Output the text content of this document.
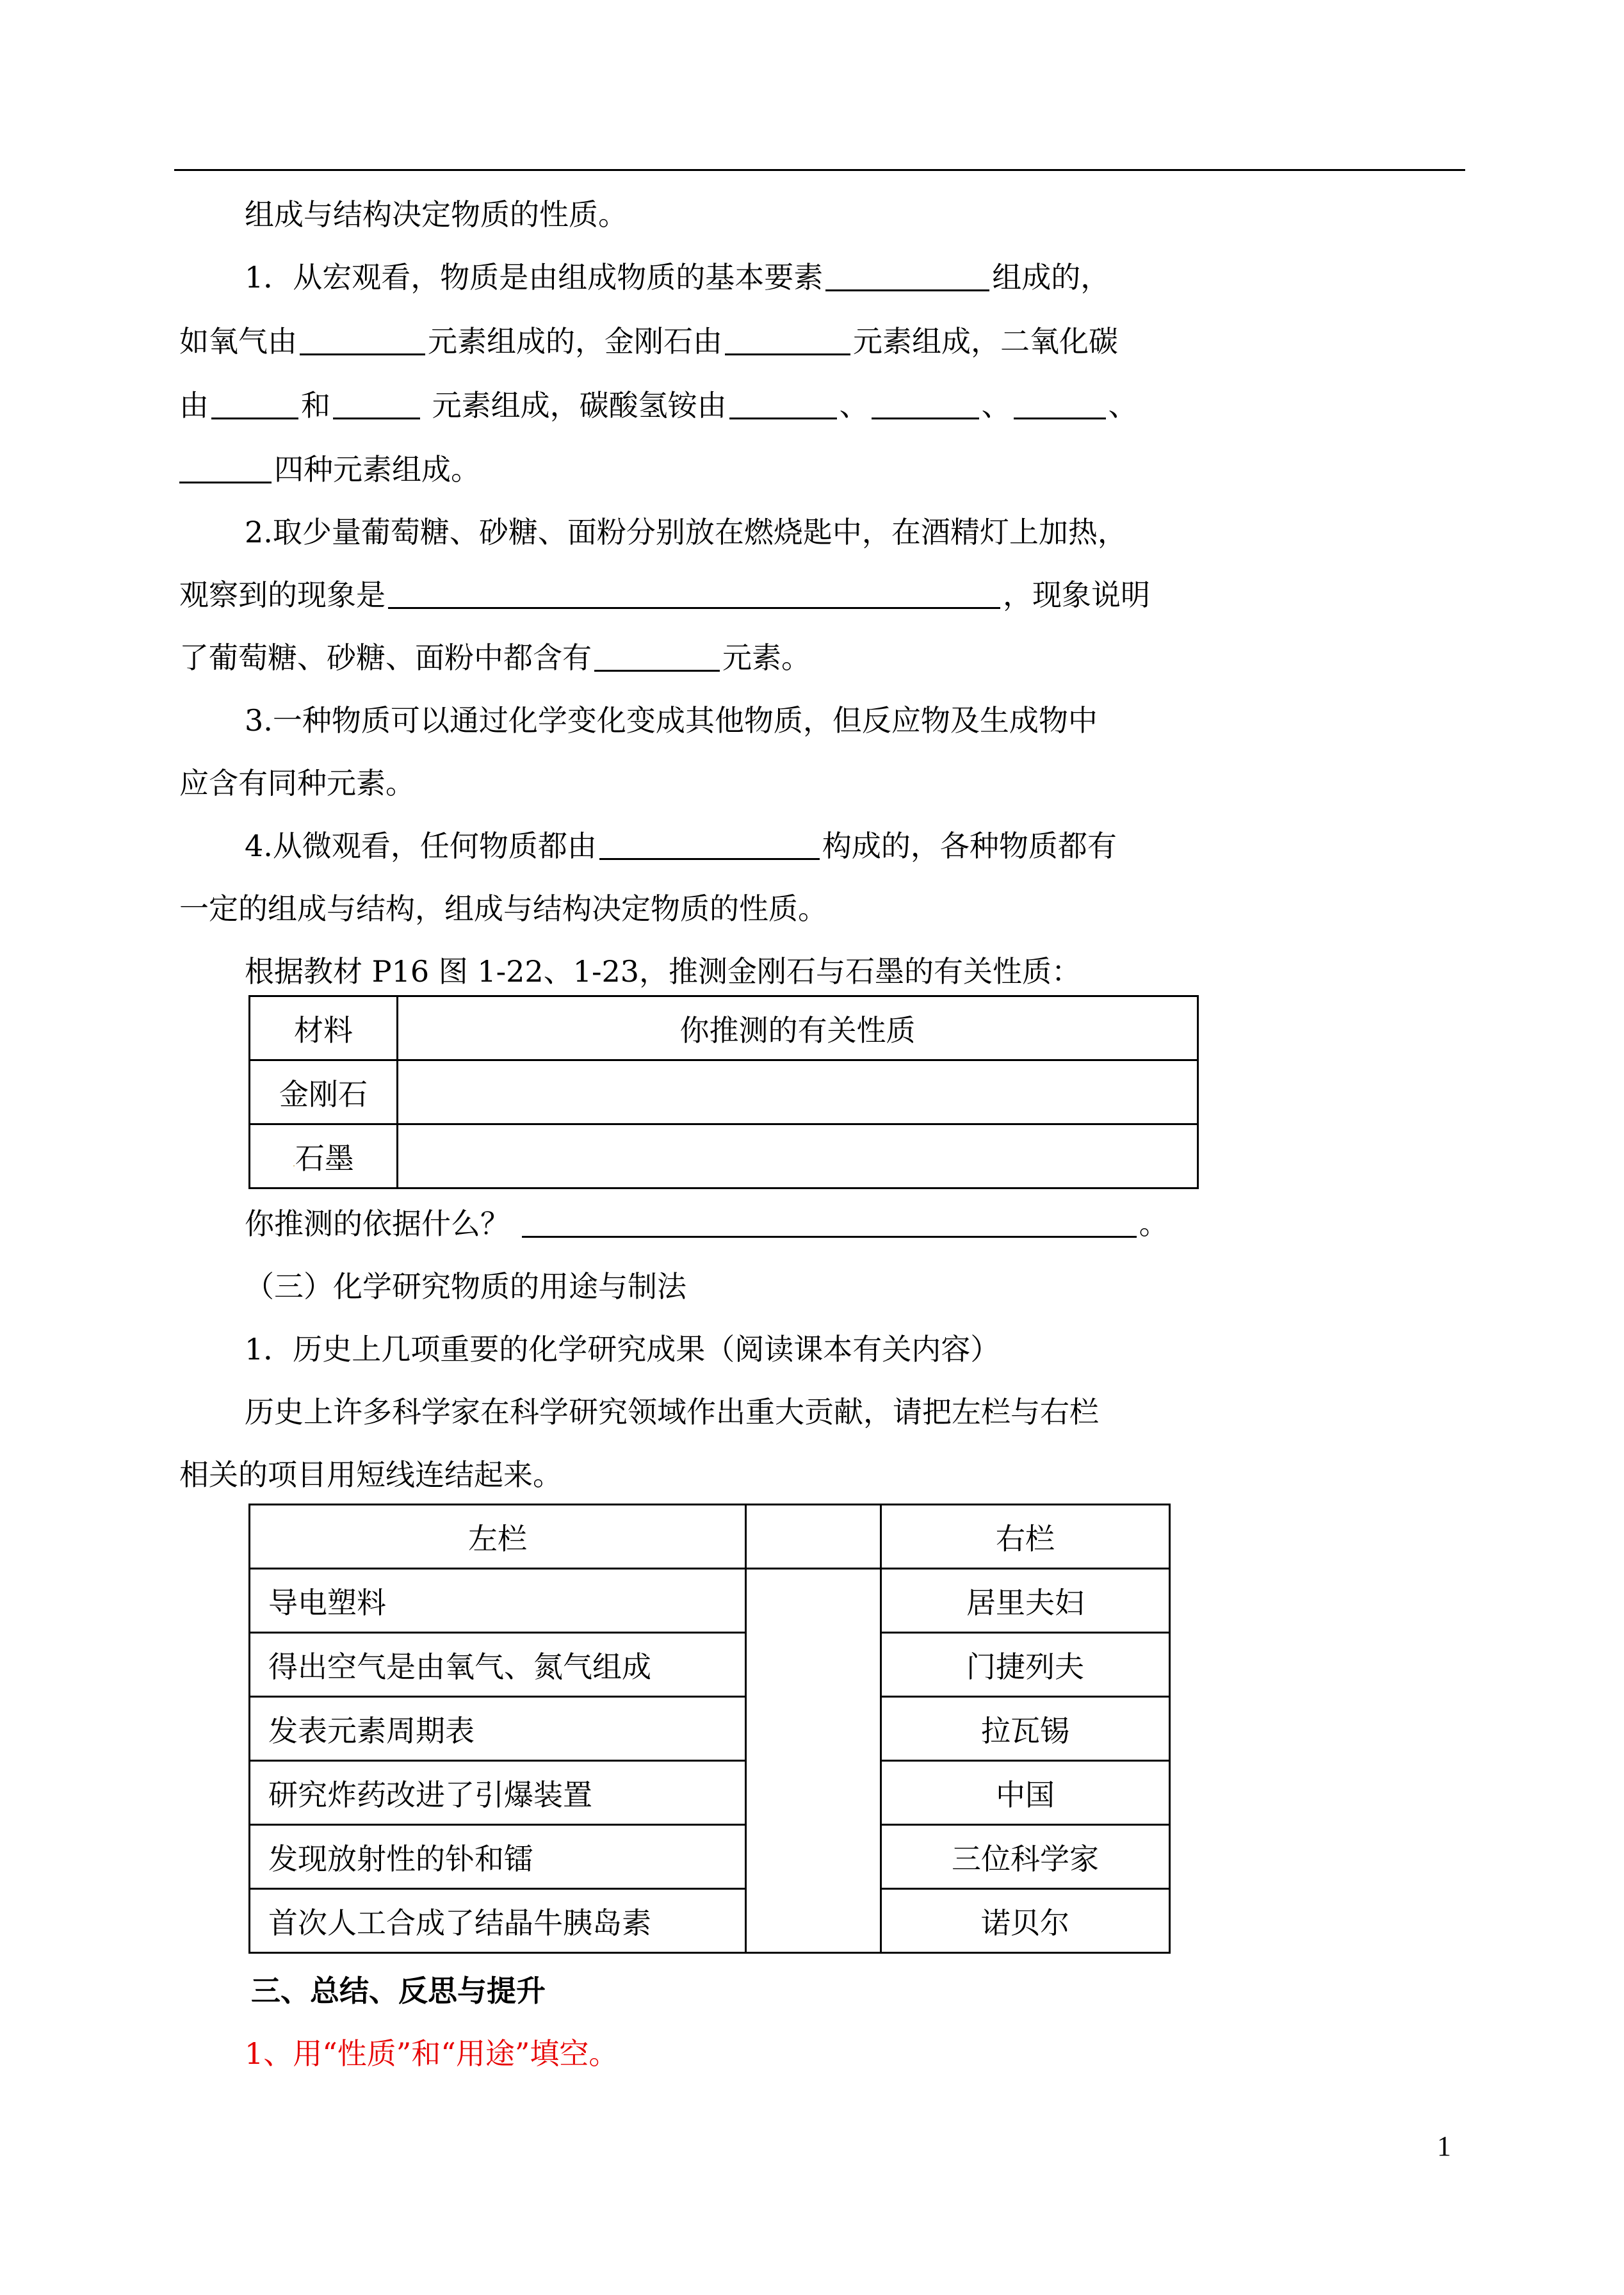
组成与结构决定物质的性质。
1．从宏观看，物质是由组成物质的基本要素	组成的，
如氧气由	元素组成的，金刚石由	元素组成，二氧化碳
由	和	元素组成，碳酸氢铵由	、	、	、
四种元素组成。
2.取少量葡萄糖、砂糖、面粉分别放在燃烧匙中，在酒精灯上加热，
观察到的现象是	，现象说明
了葡萄糖、砂糖、面粉中都含有	元素。
3.一种物质可以通过化学变化变成其他物质，但反应物及生成物中
应含有同种元素。
4.从微观看，任何物质都由	构成的，各种物质都有
一定的组成与结构，组成与结构决定物质的性质。
根据教材 P16 图 1-22、1-23，推测金刚石与石墨的有关性质：
材料	你推测的有关性质
金刚石	
·石墨	
你推测的依据什么？	。
（三）化学研究物质的用途与制法
1．历史上几项重要的化学研究成果（阅读课本有关内容）
历史上许多科学家在科学研究领域作出重大贡献，请把左栏与右栏
相关的项目用短线连结起来。
左栏		右栏
导电塑料		居里夫妇
得出空气是由氧气、氮气组成		门捷列夫
发表元素周期表		拉瓦锡
研究炸药改进了引爆装置		中国
发现放射性的钋和镭		三位科学家
首次人工合成了结晶牛胰岛素		诺贝尔
三、总结、反思与提升
1、用“性质”和“用途”填空。
1
